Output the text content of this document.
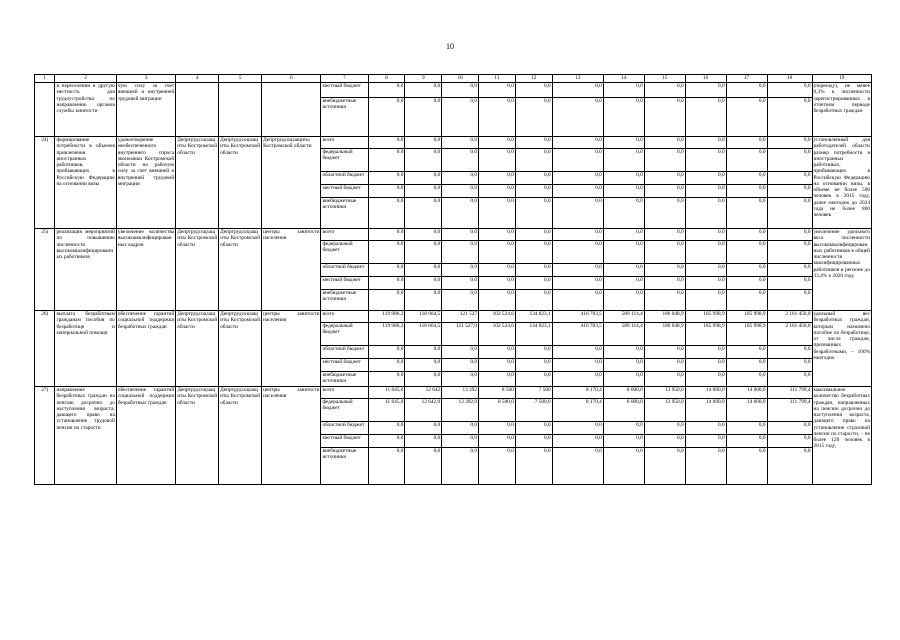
10
1	2	3	4	5	6	7	8	9	10	11	12	13	14	15	16	17	18	19
	в переселении в другую местность для трудоустройства по направлению органов службы занятости	чую силу за счет внешней и внутренней трудовой миграции				местный бюджет	0,0	0,0	0,0	0,0	0,0	0,0	0,0	0,0	0,0	0,0	0,0	(переезду), не менее 0,3% к численности зарегистрированных в отчетном периоде безработных граждан
						внебюджетные источники	0,0	0,0	0,0	0,0	0,0	0,0	0,0	0,0	0,0	0,0	0,0	
24)	формирование потребности в объемов привлечения иностранных работников, прибывающих в Российскую Федерацию на основании визы	удовлетворение необеспеченного внутреннего спроса экономики Костромской области на рабочую силу за счет внешней и внутренней трудовой миграции	Депртрудсоцзащиты Костромской области	Депртрудсоцзащиты Костромской области	Депртрудсоцзащиты Костромской области	всего	0,0	0,0	0,0	0,0	0,0	0,0	0,0	0,0	0,0	0,0	0,0	установленный для работодателей области размер потребности в иностранных работниках, прибывающих в Российскую Федерацию на основании визы, в объеме не более 500 человек в 2015 году, далее ежегодно до 2024 года не более 800 человек
						федеральный бюджет	0,0	0,0	0,0	0,0	0,0	0,0	0,0	0,0	0,0	0,0	0,0	
						областной бюджет	0,0	0,0	0,0	0,0	0,0	0,0	0,0	0,0	0,0	0,0	0,0	
						местный бюджет	0,0	0,0	0,0	0,0	0,0	0,0	0,0	0,0	0,0	0,0	0,0	
						внебюджетные источники	0,0	0,0	0,0	0,0	0,0	0,0	0,0	0,0	0,0	0,0	0,0	
25)	реализация мероприятий по повышению численности высококвалифицированных работников	увеличение количества высококвалифицированных кадров	Депртрудсоцзащиты Костромской области	Депртрудсоцзащиты Костромской области	центры занятости населения	всего	0,0	0,0	0,0	0,0	0,0	0,0	0,0	0,0	0,0	0,0	0,0	увеличение удельного веса численности высококвалифицированных работников в общей численности квалифицированных работников в регионе до 33,4% к 2020 году
						федеральный бюджет	0,0	0,0	0,0	0,0	0,0	0,0	0,0	0,0	0,0	0,0	0,0	
						областной бюджет	0,0	0,0	0,0	0,0	0,0	0,0	0,0	0,0	0,0	0,0	0,0	
						местный бюджет	0,0	0,0	0,0	0,0	0,0	0,0	0,0	0,0	0,0	0,0	0,0	
						внебюджетные источники	0,0	0,0	0,0	0,0	0,0	0,0	0,0	0,0	0,0	0,0	0,0	
26)	выплата безработным гражданам пособия по безработице и материальной помощи	обеспечение гарантий социальной поддержки безработных граждан	Депртрудсоцзащиты Костромской области	Депртрудсоцзащиты Костромской области	центры занятости населения	всего	119 986,2	118 664,5	121 527	102 524,6	134 823,1	416 783,5	589 114,4	186 048,9	185 998,9	185 998,9	2 161 450,0	удельный вес безработных граждан, которым назначено пособие по безработице, от числа граждан, признанных безработными, – 100% ежегодно
						федеральный бюджет	119 986,2	118 664,5	121 527,0	102 524,6	134 823,1	416 783,5	589 114,4	186 048,9	185 998,9	185 998,9	2 161 450,0	
						областной бюджет	0,0	0,0	0,0	0,0	0,0	0,0	0,0	0,0	0,0	0,0	0,0	
						местный бюджет	0,0	0,0	0,0	0,0	0,0	0,0	0,0	0,0	0,0	0,0	0,0	
						внебюджетные источники	0,0	0,0	0,0	0,0	0,0	0,0	0,0	0,0	0,0	0,0	0,0	
27)	направление безработных граждан на пенсию досрочно до наступления возраста, дающего право на установление трудовой пенсии по старости	обеспечение гарантий социальной поддержки безработных граждан	Депртрудсоцзащиты Костромской области	Депртрудсоцзащиты Костромской области	центры занятости населения	всего	11 645,0	12 642	13 392	8 500	7 500	8 170,4	8 000,0	13 950,0	14 000,0	14 000,0	111 799,4	максимальное количество безработных граждан, направленных на пенсию досрочно до наступления возраста, дающего право на установление страховой пенсии по старости, – не более 120 человек в 2015 году,
						федеральный бюджет	11 645,0	12 642,0	13 392,0	8 500,0	7 500,0	8 170,4	8 000,0	13 950,0	14 000,0	14 000,0	111 799,4	
						областной бюджет	0,0	0,0	0,0	0,0	0,0	0,0	0,0	0,0	0,0	0,0	0,0	
						местный бюджет	0,0	0,0	0,0	0,0	0,0	0,0	0,0	0,0	0,0	0,0	0,0	
						внебюджетные источники	0,0	0,0	0,0	0,0	0,0	0,0	0,0	0,0	0,0	0,0	0,0	
